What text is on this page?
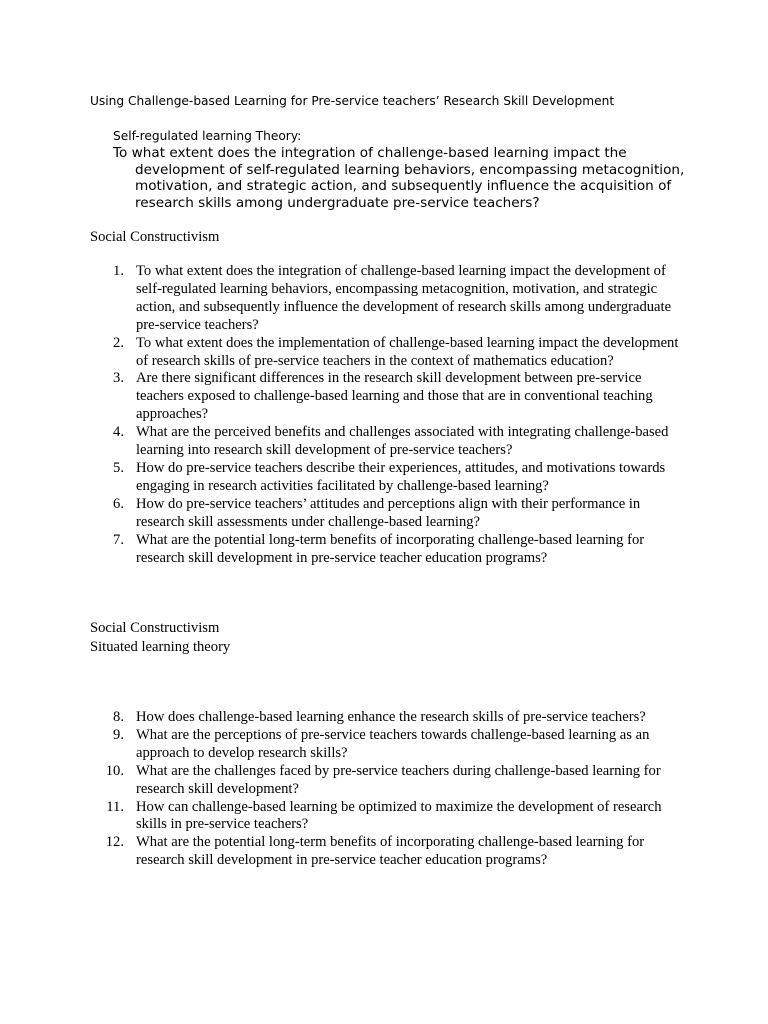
Using Challenge-based Learning for Pre-service teachers’ Research Skill Development
Self-regulated learning Theory:
To what extent does the integration of challenge-based learning impact the development of self-regulated learning behaviors, encompassing metacognition, motivation, and strategic action, and subsequently influence the acquisition of research skills among undergraduate pre-service teachers?
Social Constructivism
1. To what extent does the integration of challenge-based learning impact the development of self-regulated learning behaviors, encompassing metacognition, motivation, and strategic action, and subsequently influence the development of research skills among undergraduate pre-service teachers?
2. To what extent does the implementation of challenge-based learning impact the development of research skills of pre-service teachers in the context of mathematics education?
3. Are there significant differences in the research skill development between pre-service teachers exposed to challenge-based learning and those that are in conventional teaching approaches?
4. What are the perceived benefits and challenges associated with integrating challenge-based learning into research skill development of pre-service teachers?
5. How do pre-service teachers describe their experiences, attitudes, and motivations towards engaging in research activities facilitated by challenge-based learning?
6. How do pre-service teachers’ attitudes and perceptions align with their performance in research skill assessments under challenge-based learning?
7. What are the potential long-term benefits of incorporating challenge-based learning for research skill development in pre-service teacher education programs?
Social Constructivism
Situated learning theory
8. How does challenge-based learning enhance the research skills of pre-service teachers?
9. What are the perceptions of pre-service teachers towards challenge-based learning as an approach to develop research skills?
10. What are the challenges faced by pre-service teachers during challenge-based learning for research skill development?
11. How can challenge-based learning be optimized to maximize the development of research skills in pre-service teachers?
12. What are the potential long-term benefits of incorporating challenge-based learning for research skill development in pre-service teacher education programs?
